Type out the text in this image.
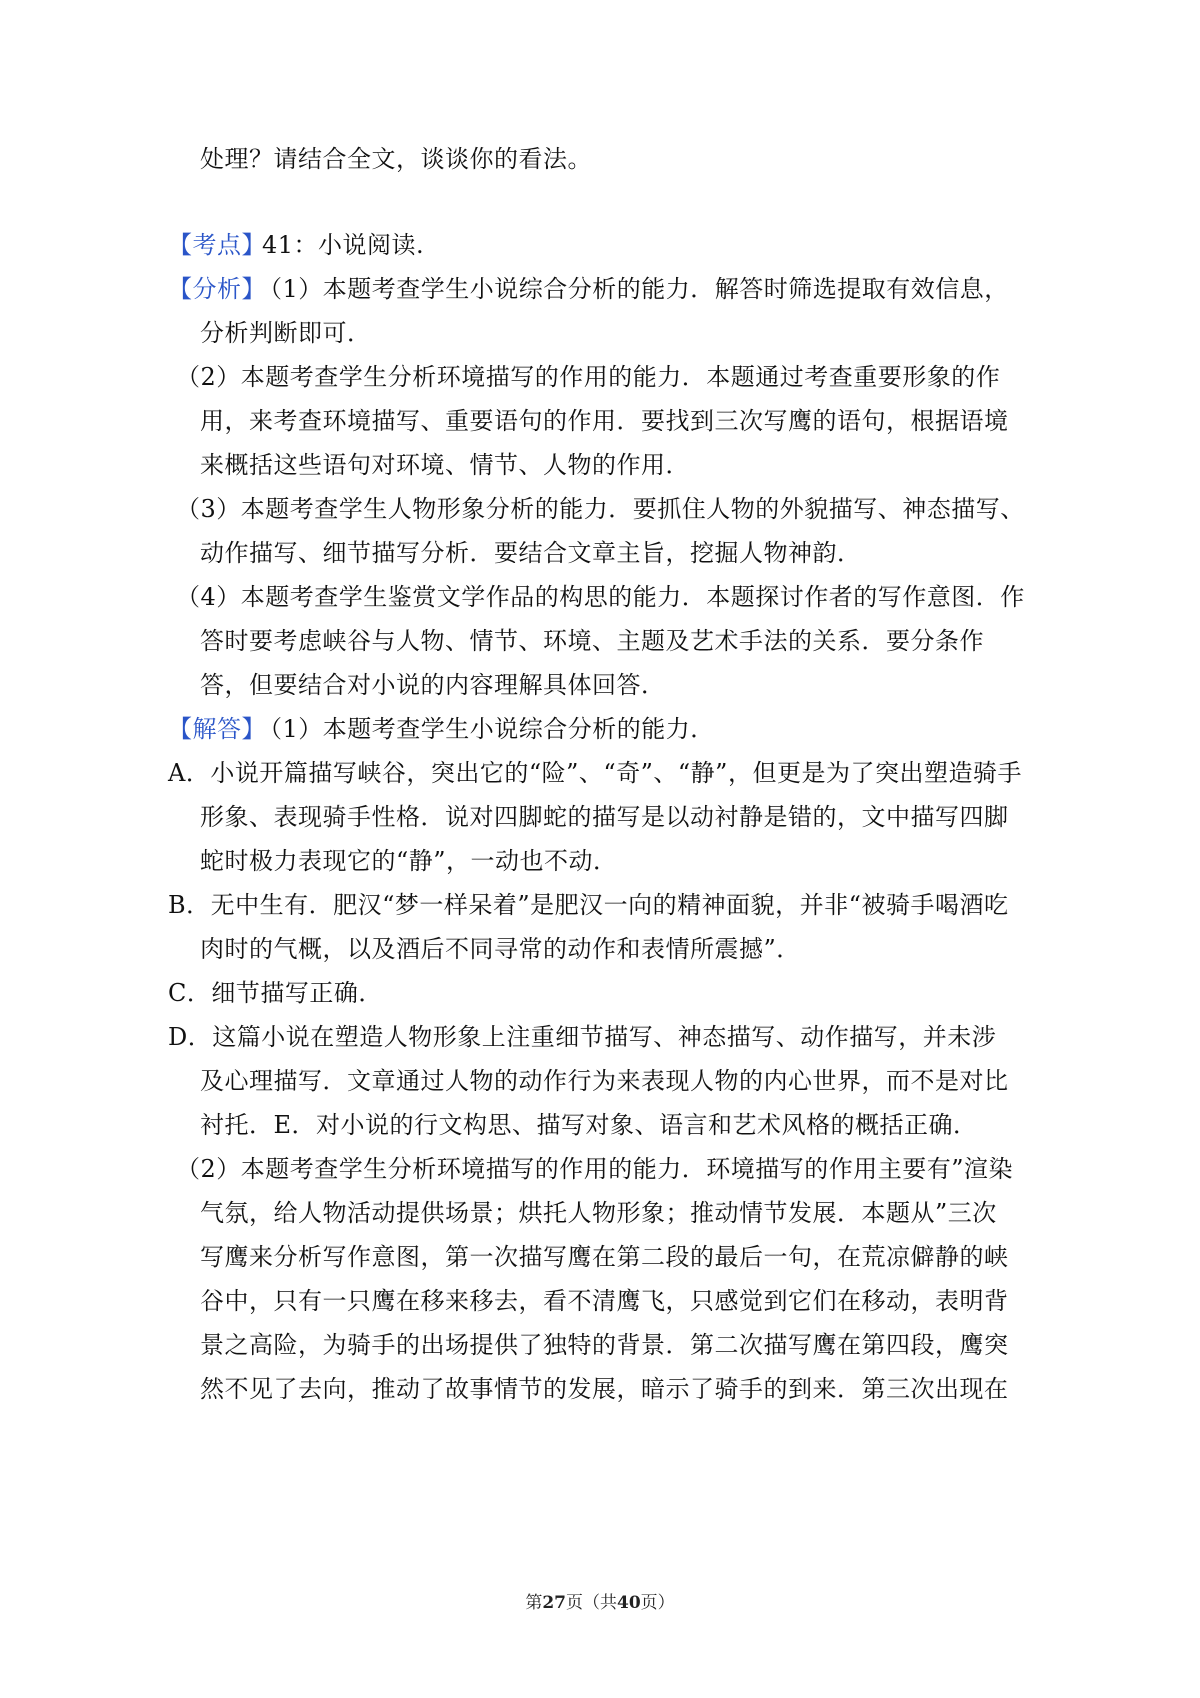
处理？请结合全文，谈谈你的看法。
【考点】
41：小说阅读.
【分析】
（1）本题考查学生小说综合分析的能力．解答时筛选提取有效信息，
分析判断即可．
（2）本题考查学生分析环境描写的作用的能力．本题通过考查重要形象的作
用，来考查环境描写、重要语句的作用．要找到三次写鹰的语句，根据语境
来概括这些语句对环境、情节、人物的作用．
（3）本题考查学生人物形象分析的能力．要抓住人物的外貌描写、神态描写、
动作描写、细节描写分析．要结合文章主旨，挖掘人物神韵．
（4）本题考查学生鉴赏文学作品的构思的能力．本题探讨作者的写作意图．作
答时要考虑峡谷与人物、情节、环境、主题及艺术手法的关系．要分条作
答，但要结合对小说的内容理解具体回答．
【解答】
（1）本题考查学生小说综合分析的能力．
A．小说开篇描写峡谷，突出它的“险”、“奇”、“静”，但更是为了突出塑造骑手
形象、表现骑手性格．说对四脚蛇的描写是以动衬静是错的，文中描写四脚
蛇时极力表现它的“静”，一动也不动．
B．无中生有．肥汉“梦一样呆着”是肥汉一向的精神面貌，并非“被骑手喝酒吃
肉时的气概，以及酒后不同寻常的动作和表情所震撼”．
C．细节描写正确．
D．这篇小说在塑造人物形象上注重细节描写、神态描写、动作描写，并未涉
及心理描写．文章通过人物的动作行为来表现人物的内心世界，而不是对比
衬托．E．对小说的行文构思、描写对象、语言和艺术风格的概括正确．
（2）本题考查学生分析环境描写的作用的能力．环境描写的作用主要有”渲染
气氛，给人物活动提供场景；烘托人物形象；推动情节发展．本题从”三次
写鹰来分析写作意图，第一次描写鹰在第二段的最后一句，在荒凉僻静的峡
谷中，只有一只鹰在移来移去，看不清鹰飞，只感觉到它们在移动，表明背
景之高险，为骑手的出场提供了独特的背景．第二次描写鹰在第四段，鹰突
然不见了去向，推动了故事情节的发展，暗示了骑手的到来．第三次出现在
第27页（共40页）
